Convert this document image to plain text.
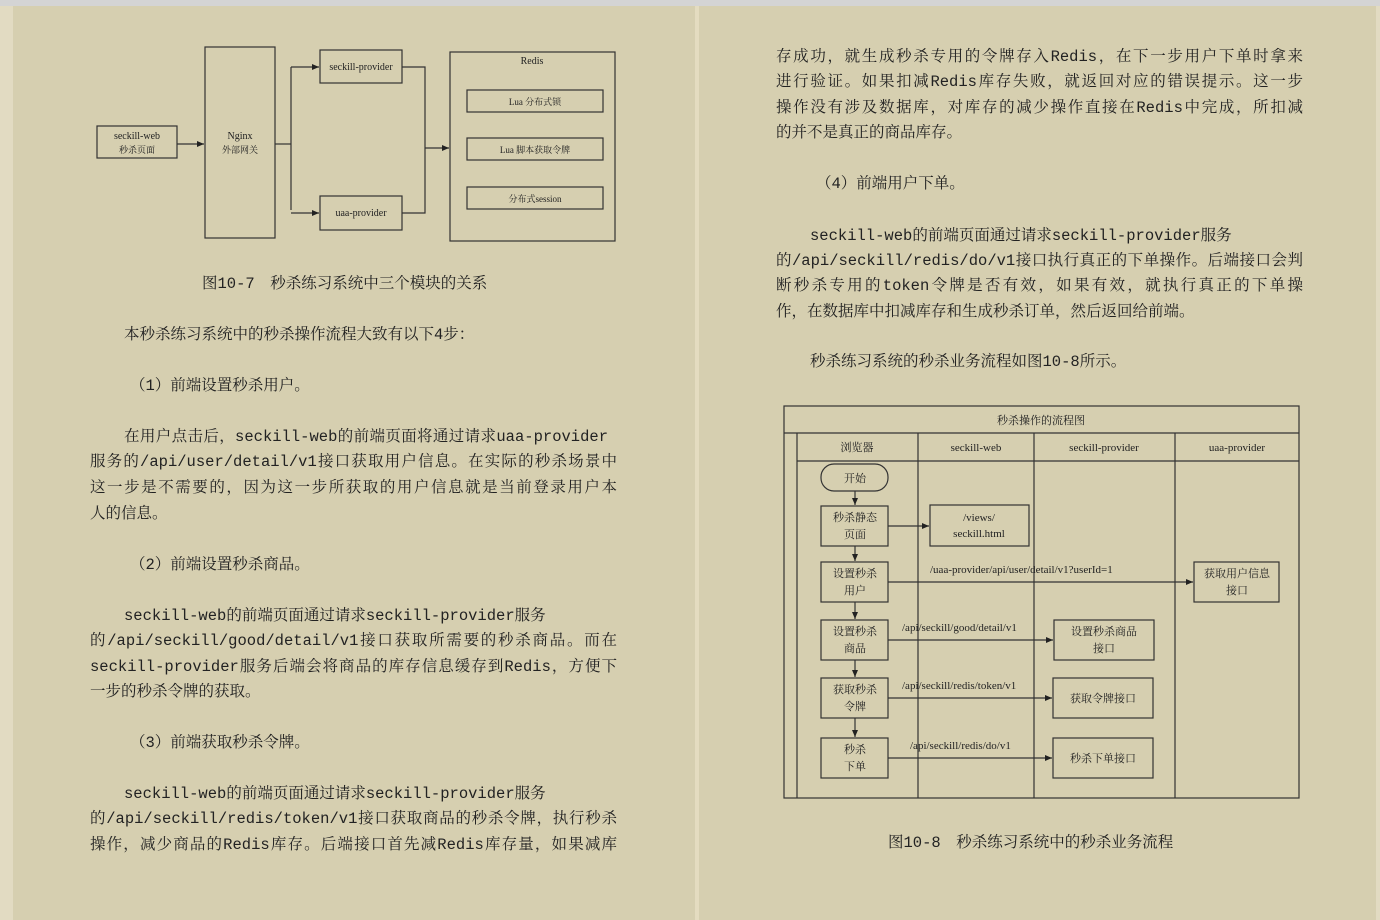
seckill-web
秒杀页面
Nginx
外部网关
seckill-provider
uaa-provider
Redis
Lua 分布式锁
Lua 脚本获取令牌
分布式session
秒杀操作的流程图
浏览器	seckill-web	seckill-provider	uaa-provider
开始
秒杀静态
页面
设置秒杀
用户
设置秒杀
商品
获取秒杀
令牌
秒杀
下单
/views/
seckill.html
/uaa-provider/api/user/detail/v1?userId=1	获取用户信息
接口
/api/seckill/good/detail/v1	设置秒杀商品
接口
/api/seckill/redis/token/v1
获取令牌接口
/api/seckill/redis/do/v1
秒杀下单接口
图10-7　秒杀练习系统中三个模块的关系
本秒杀练习系统中的秒杀操作流程大致有以下4步：
（1）前端设置秒杀用户。
在用户点击后，seckill-web的前端页面将通过请求uaa-provider
服务的/api/user/detail/v1接口获取用户信息。在实际的秒杀场景中
这一步是不需要的，因为这一步所获取的用户信息就是当前登录用户本
人的信息。
（2）前端设置秒杀商品。
seckill-web的前端页面通过请求seckill-provider服务
的/api/seckill/good/detail/v1接口获取所需要的秒杀商品。而在
seckill-provider服务后端会将商品的库存信息缓存到Redis，方便下
一步的秒杀令牌的获取。
（3）前端获取秒杀令牌。
seckill-web的前端页面通过请求seckill-provider服务
的/api/seckill/redis/token/v1接口获取商品的秒杀令牌，执行秒杀
操作，减少商品的Redis库存。后端接口首先减Redis库存量，如果减库
存成功，就生成秒杀专用的令牌存入Redis，在下一步用户下单时拿来
进行验证。如果扣减Redis库存失败，就返回对应的错误提示。这一步
操作没有涉及数据库，对库存的减少操作直接在Redis中完成，所扣减
的并不是真正的商品库存。
（4）前端用户下单。
seckill-web的前端页面通过请求seckill-provider服务
的/api/seckill/redis/do/v1接口执行真正的下单操作。后端接口会判
断秒杀专用的token令牌是否有效，如果有效，就执行真正的下单操
作，在数据库中扣减库存和生成秒杀订单，然后返回给前端。
秒杀练习系统的秒杀业务流程如图10-8所示。
图10-8　秒杀练习系统中的秒杀业务流程
